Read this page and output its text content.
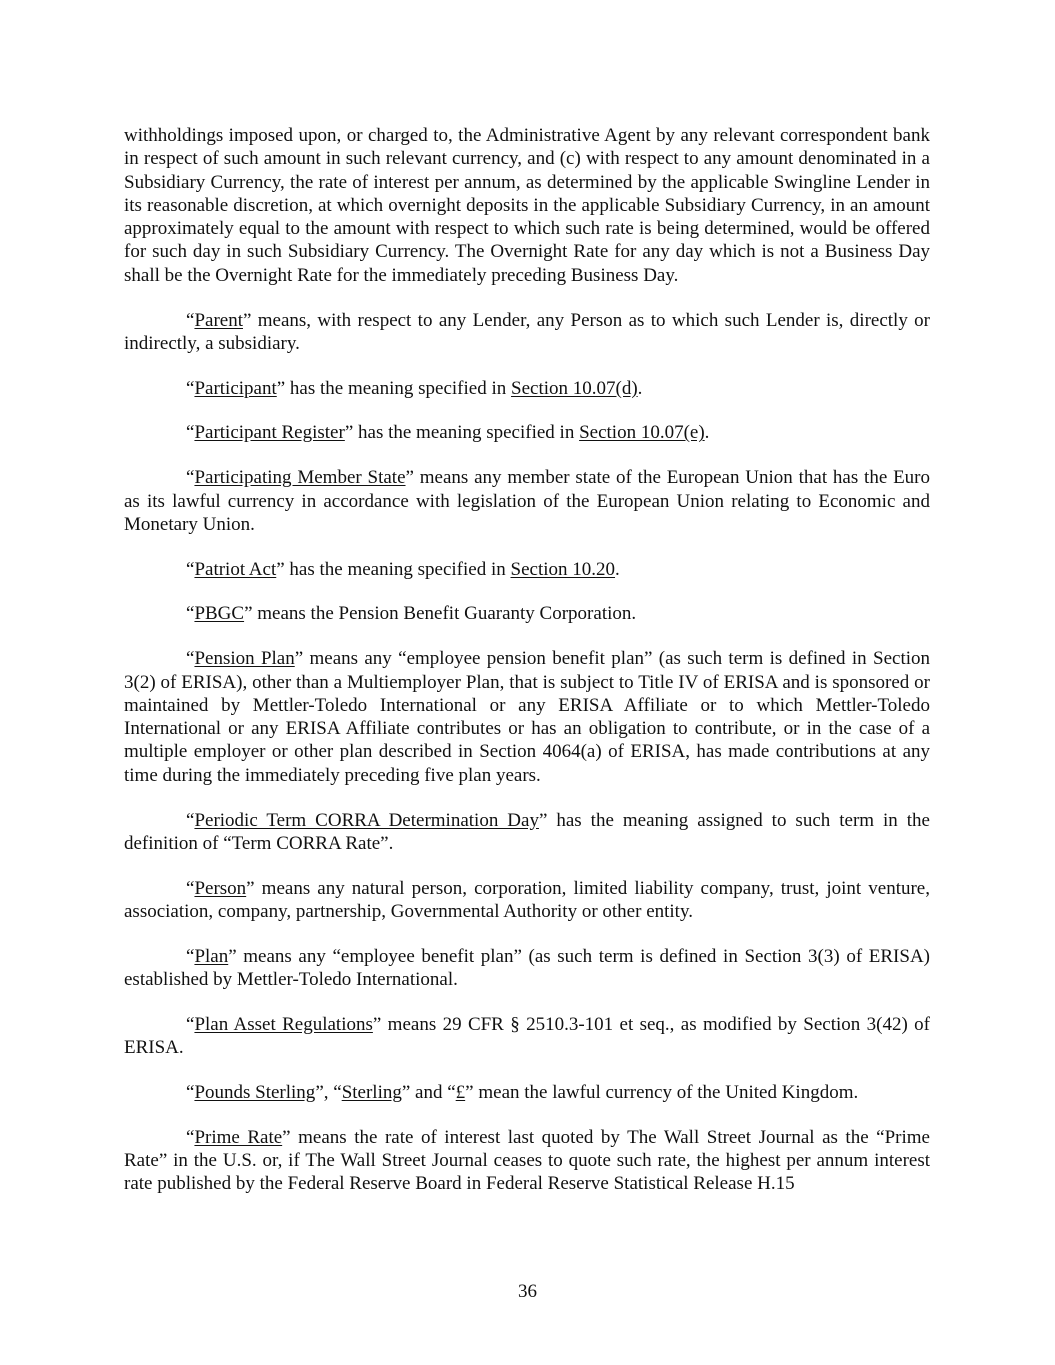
withholdings imposed upon, or charged to, the Administrative Agent by any relevant correspondent bank in respect of such amount in such relevant currency, and (c) with respect to any amount denominated in a Subsidiary Currency, the rate of interest per annum, as determined by the applicable Swingline Lender in its reasonable discretion, at which overnight deposits in the applicable Subsidiary Currency, in an amount approximately equal to the amount with respect to which such rate is being determined, would be offered for such day in such Subsidiary Currency. The Overnight Rate for any day which is not a Business Day shall be the Overnight Rate for the immediately preceding Business Day.

“Parent” means, with respect to any Lender, any Person as to which such Lender is, directly or indirectly, a subsidiary.

“Participant” has the meaning specified in Section 10.07(d).

“Participant Register” has the meaning specified in Section 10.07(e).

“Participating Member State” means any member state of the European Union that has the Euro as its lawful currency in accordance with legislation of the European Union relating to Economic and Monetary Union.

“Patriot Act” has the meaning specified in Section 10.20.

“PBGC” means the Pension Benefit Guaranty Corporation.

“Pension Plan” means any “employee pension benefit plan” (as such term is defined in Section 3(2) of ERISA), other than a Multiemployer Plan, that is subject to Title IV of ERISA and is sponsored or maintained by Mettler-Toledo International or any ERISA Affiliate or to which Mettler-Toledo International or any ERISA Affiliate contributes or has an obligation to contribute, or in the case of a multiple employer or other plan described in Section 4064(a) of ERISA, has made contributions at any time during the immediately preceding five plan years.

“Periodic Term CORRA Determination Day” has the meaning assigned to such term in the definition of “Term CORRA Rate”.

“Person” means any natural person, corporation, limited liability company, trust, joint venture, association, company, partnership, Governmental Authority or other entity.

“Plan” means any “employee benefit plan” (as such term is defined in Section 3(3) of ERISA) established by Mettler-Toledo International.

“Plan Asset Regulations” means 29 CFR § 2510.3-101 et seq., as modified by Section 3(42) of ERISA.

“Pounds Sterling”, “Sterling” and “£” mean the lawful currency of the United Kingdom.

“Prime Rate” means the rate of interest last quoted by The Wall Street Journal as the “Prime Rate” in the U.S. or, if The Wall Street Journal ceases to quote such rate, the highest per annum interest rate published by the Federal Reserve Board in Federal Reserve Statistical Release H.15

36
